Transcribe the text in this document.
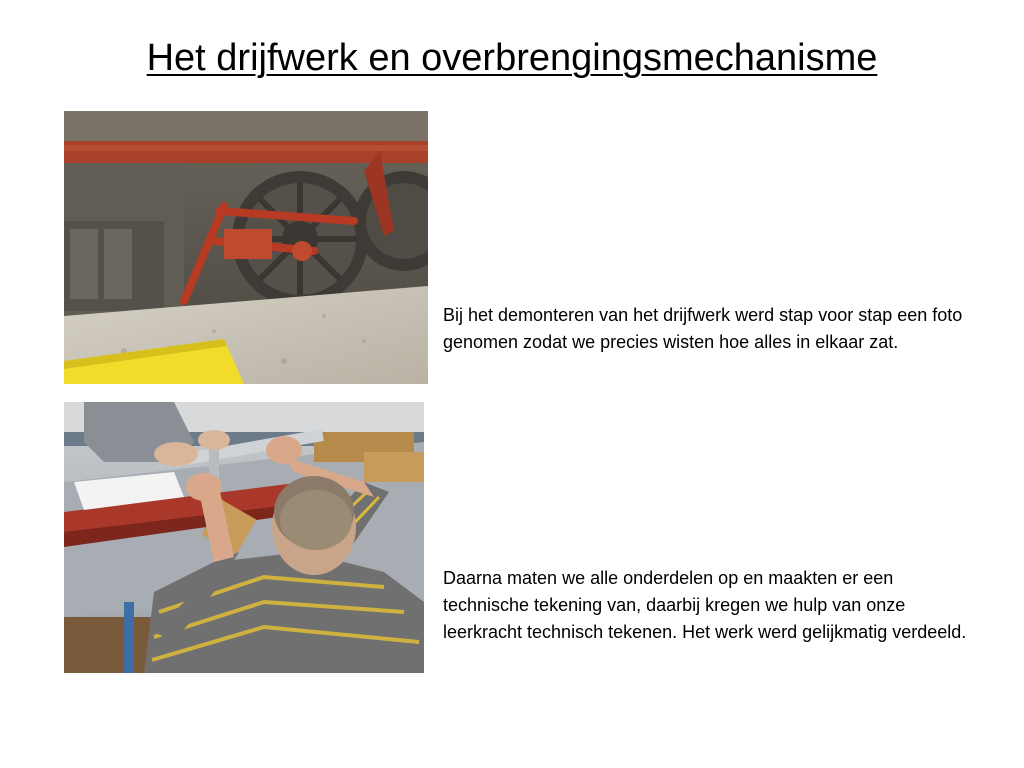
Het drijfwerk en overbrengingsmechanisme
Bij het demonteren van het drijfwerk werd stap voor stap een foto genomen zodat we precies wisten hoe alles in elkaar zat.
Daarna maten we alle onderdelen op en maakten er een technische tekening van, daarbij kregen we hulp van onze leerkracht technisch tekenen. Het werk werd gelijkmatig verdeeld.
